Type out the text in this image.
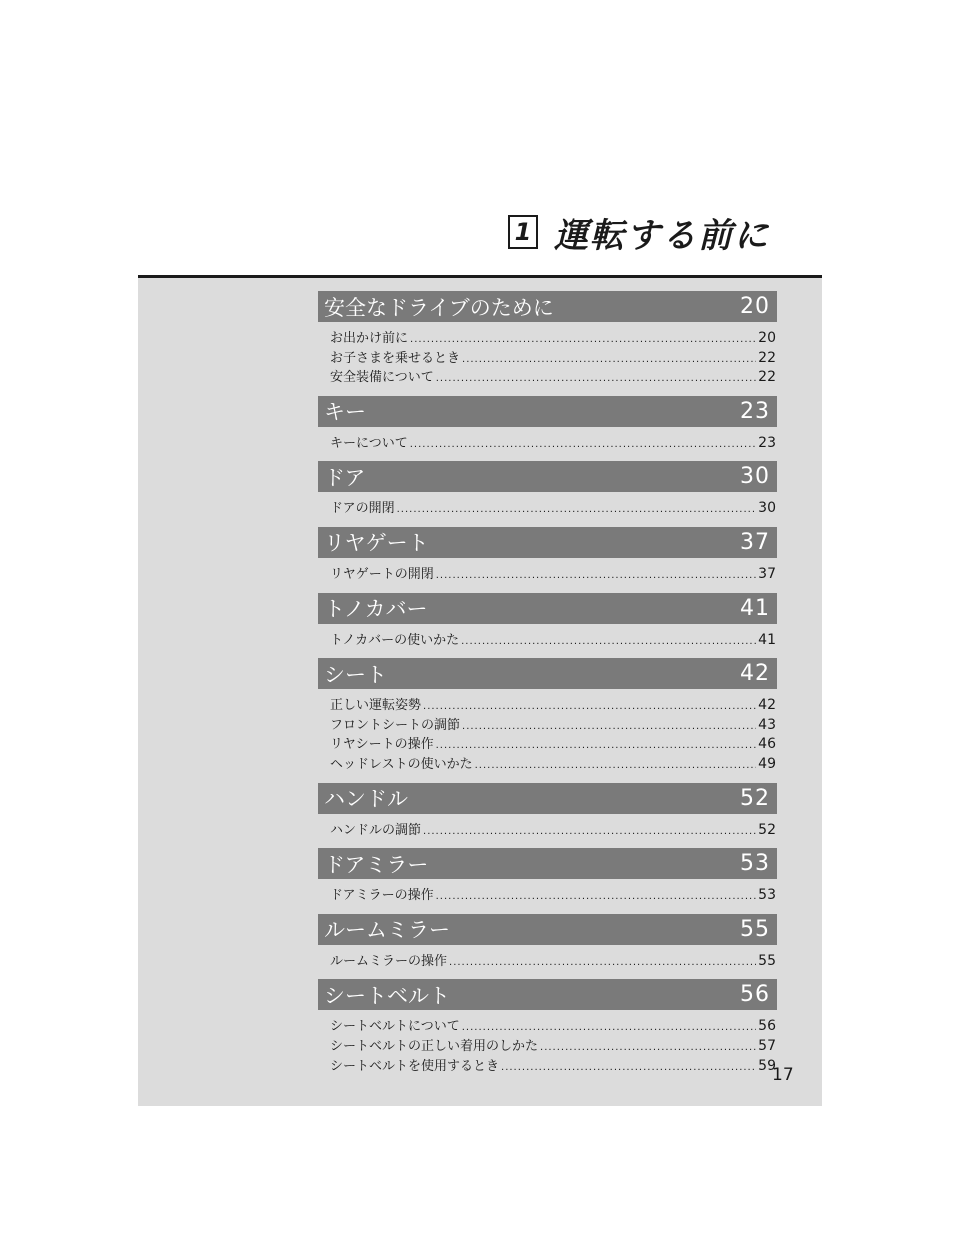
1 運転する前に
安全なドライブのために	20
お出かけ前に .....	20
お子さまを乗せるとき .....	22
安全装備について .....	22
キー	23
キーについて .....	23
ドア	30
ドアの開閉 .....	30
リヤゲート	37
リヤゲートの開閉 .....	37
トノカバー	41
トノカバーの使いかた .....	41
シート	42
正しい運転姿勢 .....	42
フロントシートの調節 .....	43
リヤシートの操作 .....	46
ヘッドレストの使いかた .....	49
ハンドル	52
ハンドルの調節 .....	52
ドアミラー	53
ドアミラーの操作 .....	53
ルームミラー	55
ルームミラーの操作 .....	55
シートベルト	56
シートベルトについて .....	56
シートベルトの正しい着用のしかた .....	57
シートベルトを使用するとき .....	59
17
